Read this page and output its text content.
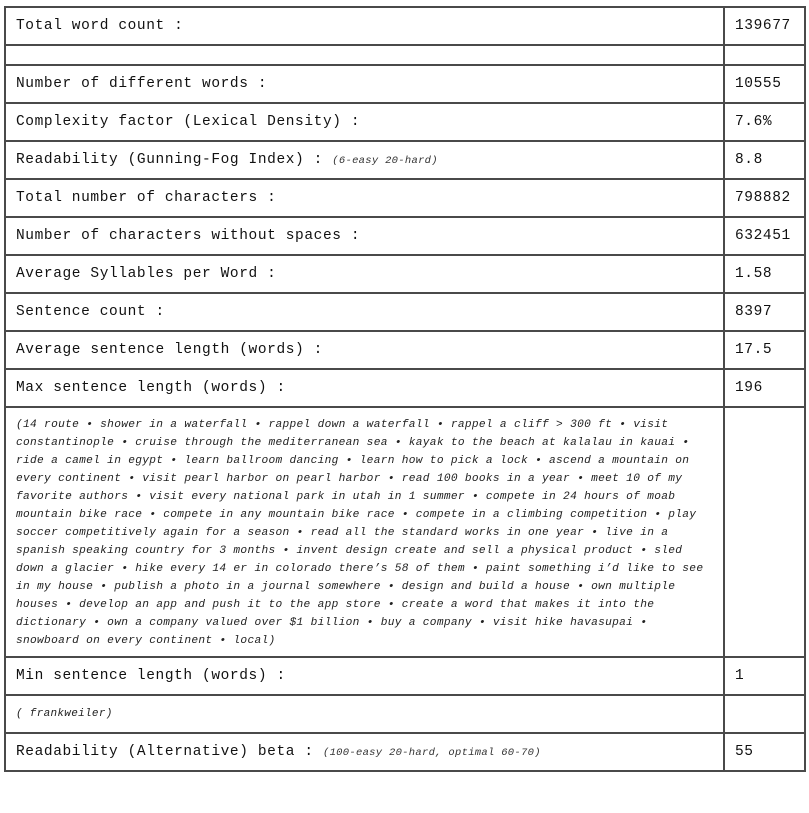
Total word count :	139677

Number of different words :	10555
Complexity factor (Lexical Density) :	7.6%
Readability (Gunning-Fog Index) : (6-easy 20-hard)	8.8
Total number of characters :	798882
Number of characters without spaces :	632451
Average Syllables per Word :	1.58
Sentence count :	8397
Average sentence length (words) :	17.5
Max sentence length (words) :	196
(14 route • shower in a waterfall • rappel down a waterfall • rappel a cliff > 300 ft • visit constantinople • cruise through the mediterranean sea • kayak to the beach at kalalau in kauai • ride a camel in egypt • learn ballroom dancing • learn how to pick a lock • ascend a mountain on every continent • visit pearl harbor on pearl harbor • read 100 books in a year • meet 10 of my favorite authors • visit every national park in utah in 1 summer • compete in 24 hours of moab mountain bike race • compete in any mountain bike race • compete in a climbing competition • play soccer competitively again for a season • read all the standard works in one year • live in a spanish speaking country for 3 months • invent design create and sell a physical product • sled down a glacier • hike every 14 er in colorado there’s 58 of them • paint something i’d like to see in my house • publish a photo in a journal somewhere • design and build a house • own multiple houses • develop an app and push it to the app store • create a word that makes it into the dictionary • own a company valued over $1 billion • buy a company • visit hike havasupai • snowboard on every continent • local)	
Min sentence length (words) :	1
( frankweiler)	
Readability (Alternative) beta : (100-easy 20-hard, optimal 60-70)	55
